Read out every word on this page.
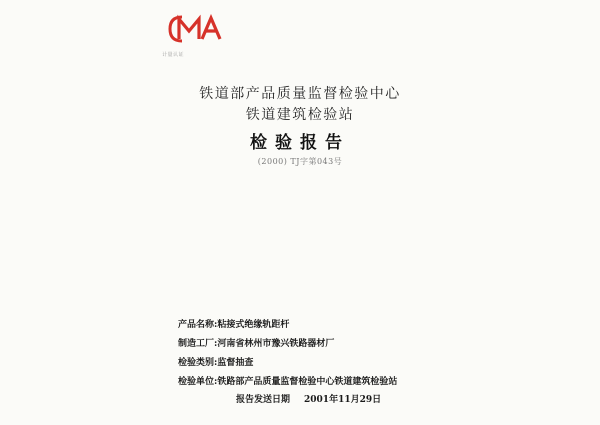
计量认证
铁道部产品质量监督检验中心
铁道建筑检验站
检验报告
(2000) TJ字第043号
产品名称:粘接式绝缘轨距杆
制造工厂:河南省林州市豫兴铁路器材厂
检验类别:监督抽查
检验单位:铁路部产品质量监督检验中心铁道建筑检验站
报告发送日期 2001年11月29日
